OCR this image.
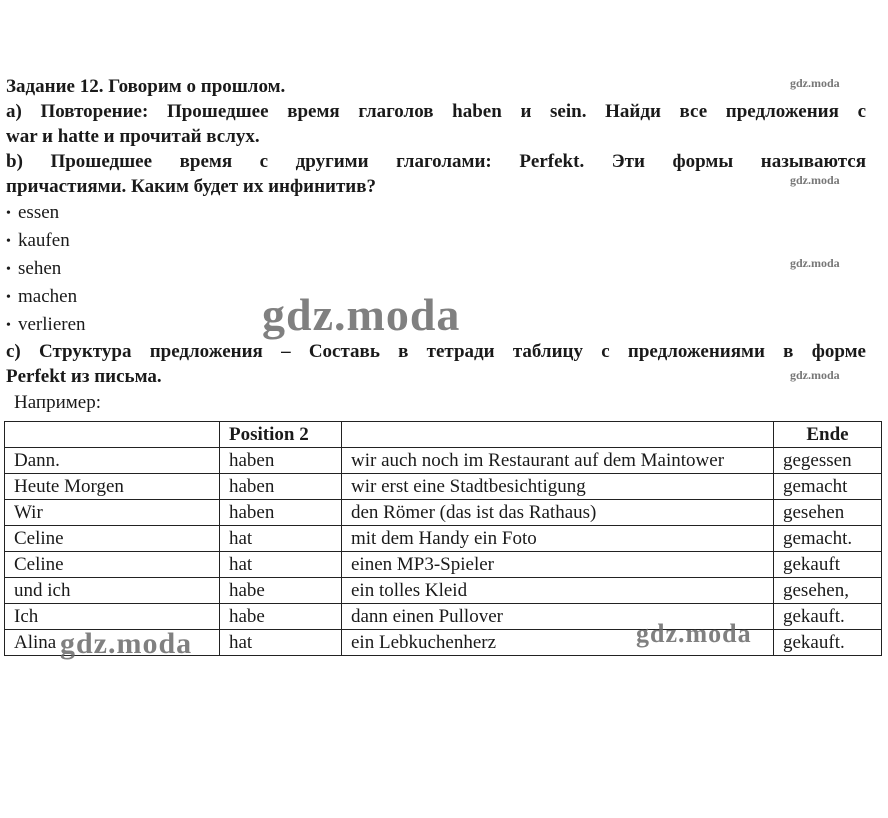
Задание 12. Говорим о прошлом.
а) Повторение: Прошедшее время глаголов haben и sein. Найди все предложения с
war и hatte и прочитай вслух.
b) Прошедшее время с другими глаголами: Perfekt. Эти формы называются
причастиями. Каким будет их инфинитив?
• essen
• kaufen
• sehen
• machen
• verlieren
c) Структура предложения – Составь в тетради таблицу с предложениями в форме
Perfekt из письма.
Например:
	Position 2		Ende
Dann.	haben	wir auch noch im Restaurant auf dem Maintower	gegessen
Heute Morgen	haben	wir erst eine Stadtbesichtigung	gemacht
Wir	haben	den Römer (das ist das Rathaus)	gesehen
Celine	hat	mit dem Handy ein Foto	gemacht.
Celine	hat	einen MP3-Spieler	gekauft
und ich	habe	ein tolles Kleid	gesehen,
Ich	habe	dann einen Pullover	gekauft.
Alina	hat	ein Lebkuchenherz	gekauft.
gdz.moda
gdz.moda
gdz.moda
gdz.moda
gdz.moda
gdz.moda	gdz.moda
